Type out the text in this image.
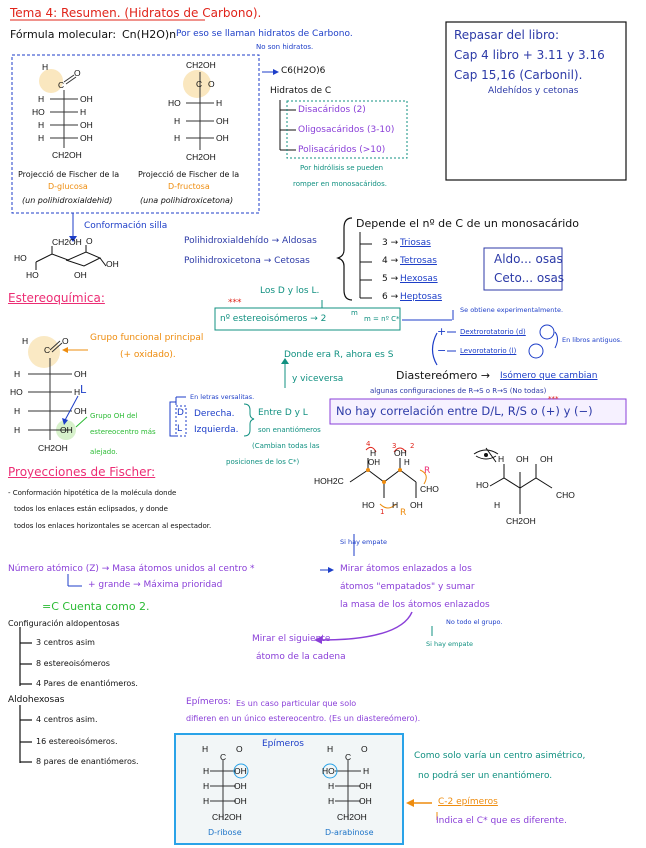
Tema 4: Resumen. (Hidratos de Carbono).
Fórmula molecular: Cn(H2O)n Por eso se llaman hidratos de Carbono.
No son hidratos.
Repasar del libro:
Cap 4 libro + 3.11 y 3.16
Cap 15,16 (Carbonil).
Aldehídos y cetonas
H
O
C
H	OH
HO	H
H	OH
H	OH
CH2OH
Projecció de Fischer de la
D-glucosa
(un polihidroxialdehid)
CH2OH
C O
HO	H
H	OH
H	OH
CH2OH
Projecció de Fischer de la
D-fructosa
(una polihidroxicetona)
C6(H2O)6
Hidratos de C
Disacáridos (2)
Oligosacáridos (3-10)
Polisacáridos (>10)
Por hidrólisis se pueden
romper en monosacáridos.
Conformación silla
CH2OH
HO
HO
O
OH
OH
Polihidroxialdehído → Aldosas
Polihidroxicetona → Cetosas
Depende el nº de C de un monosacárido
3 → Triosas
4 → Tetrosas
5 → Hexosas
6 → Heptosas
Aldo... osas
Ceto... osas
Estereoquímica:	Los D y los L.
***
nº estereoisómeros → 2
m
m = nº C*
Se obtiene experimentalmente.
+
−
Dextrorotatorio (d)
Levorotatorio (l)
En libros antiguos.
Donde era R, ahora es S
y viceversa	Diastereómero → Isómero que cambian
algunas configuraciones de R→S o R→S (No todas)
***
No hay correlación entre D/L, R/S o (+) y (−)
H
C
O
H	OH
HO	H
H	OH
H	OH
CH2OH
Grupo funcional principal
(+ oxidado).
L
Grupo OH del
estereocentro más
alejado.
En letras versalitas.
D
L
Derecha.
Izquierda.
Entre D y L
son enantiómeros
(Cambian todas las
posiciones de los C*)
Proyecciones de Fischer:
- Conformación hipotética de la molécula donde
todos los enlaces están eclipsados, y donde
todos los enlaces horizontales se acercan al espectador.
H
OH
OH
H
HOH2C
CHO
HO H OH
4	3 2
1
R
R
Si hay empate
H OH OH
HO
CHO
H
CH2OH
Número atómico (Z) → Masa átomos unidos al centro *
+ grande → Máxima prioridad
Mirar átomos enlazados a los
átomos "empatados" y sumar
la masa de los átomos enlazados
No todo el grupo.
Si hay empate
=C Cuenta como 2.
Mirar el siguiente
átomo de la cadena
Configuración aldopentosas
3 centros asim
8 estereoisómeros
4 Pares de enantiómeros.
Aldohexosas
4 centros asim.
16 estereoisómeros.
8 pares de enantiómeros.
Epímeros: Es un caso particular que solo
difieren en un único estereocentro. (Es un diastereómero).
Epímeros
H	O
C
H	OH
H	OH
H	OH
CH2OH
D-ribose
H	O
C
HO	H
H	OH
H	OH
CH2OH
D-arabinose
Como solo varía un centro asimétrico,
no podrá ser un enantiómero.
C-2 epímeros
Indica el C* que es diferente.
